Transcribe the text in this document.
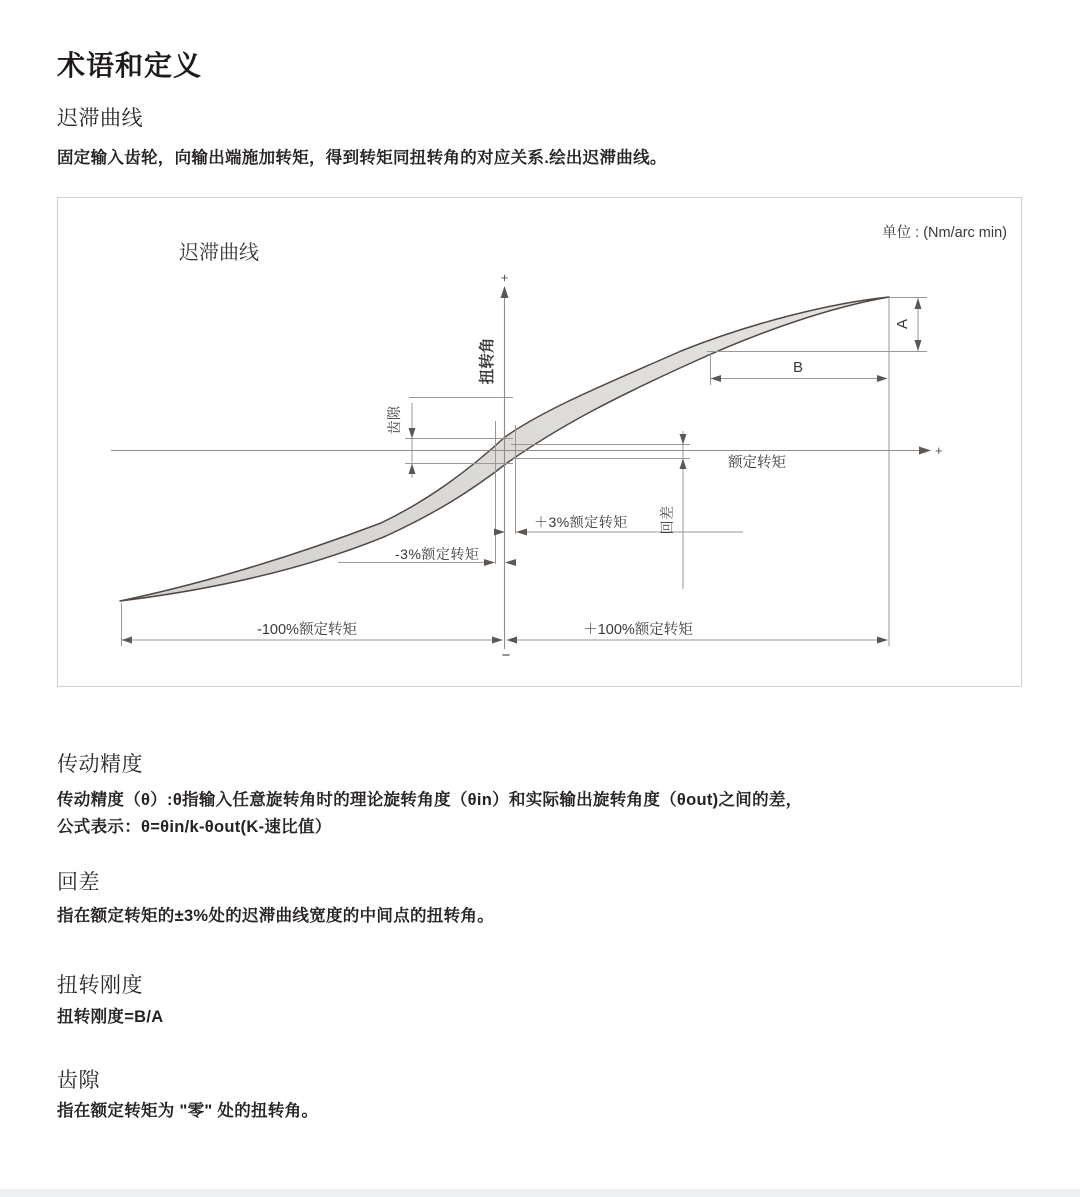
术语和定义
迟滞曲线
固定输入齿轮，向输出端施加转矩，得到转矩同扭转角的对应关系.绘出迟滞曲线。
迟滞曲线
单位 : (Nm/arc min)
扭转角
+
−
+
齿隙
回差
额定转矩
＋3%额定转矩
-3%额定转矩
-100%额定转矩	＋100%额定转矩
A
B
传动精度
传动精度（θ）:θ指输入任意旋转角时的理论旋转角度（θin）和实际输出旋转角度（θout)之间的差，
公式表示：θ=θin/k-θout(K-速比值）
回差
指在额定转矩的±3%处的迟滞曲线宽度的中间点的扭转角。
扭转刚度
扭转刚度=B/A
齿隙
指在额定转矩为 "零" 处的扭转角。
